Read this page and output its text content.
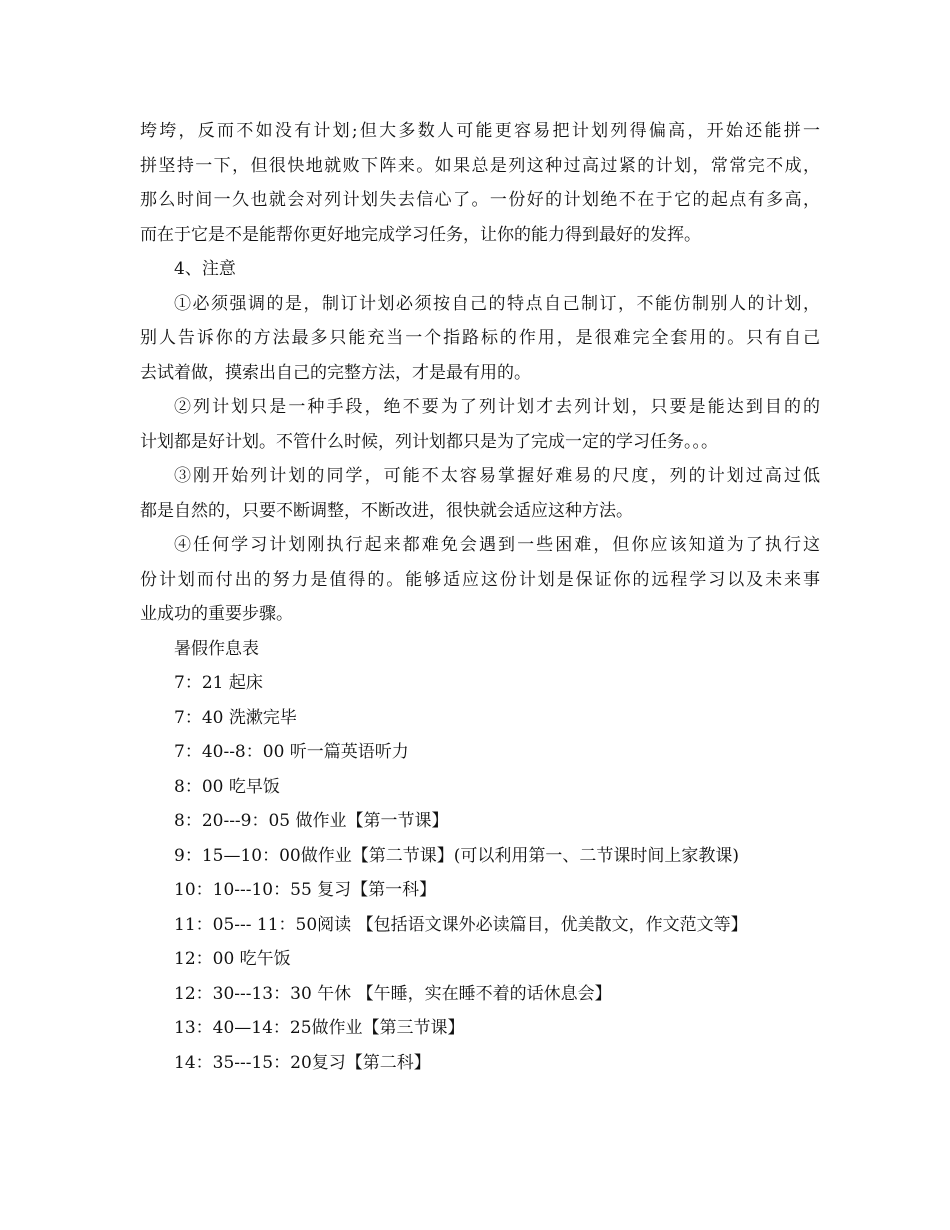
垮垮，反而不如没有计划;但大多数人可能更容易把计划列得偏高，开始还能拼一
拼坚持一下，但很快地就败下阵来。如果总是列这种过高过紧的计划，常常完不成，
那么时间一久也就会对列计划失去信心了。一份好的计划绝不在于它的起点有多高，
而在于它是不是能帮你更好地完成学习任务，让你的能力得到最好的发挥。
4、注意
①必须强调的是，制订计划必须按自己的特点自己制订，不能仿制别人的计划，
别人告诉你的方法最多只能充当一个指路标的作用，是很难完全套用的。只有自己
去试着做，摸索出自己的完整方法，才是最有用的。
②列计划只是一种手段，绝不要为了列计划才去列计划，只要是能达到目的的
计划都是好计划。不管什么时候，列计划都只是为了完成一定的学习任务。。。
③刚开始列计划的同学，可能不太容易掌握好难易的尺度，列的计划过高过低
都是自然的，只要不断调整，不断改进，很快就会适应这种方法。
④任何学习计划刚执行起来都难免会遇到一些困难，但你应该知道为了执行这
份计划而付出的努力是值得的。能够适应这份计划是保证你的远程学习以及未来事
业成功的重要步骤。
暑假作息表
7：21 起床
7：40 洗漱完毕
7：40--8：00 听一篇英语听力
8：00 吃早饭
8：20---9：05 做作业【第一节课】
9：15—10：00做作业【第二节课】(可以利用第一、二节课时间上家教课)
10：10---10：55 复习【第一科】
11：05--- 11：50阅读 【包括语文课外必读篇目，优美散文，作文范文等】
12：00 吃午饭
12：30---13：30 午休 【午睡，实在睡不着的话休息会】
13：40—14：25做作业【第三节课】
14：35---15：20复习【第二科】
